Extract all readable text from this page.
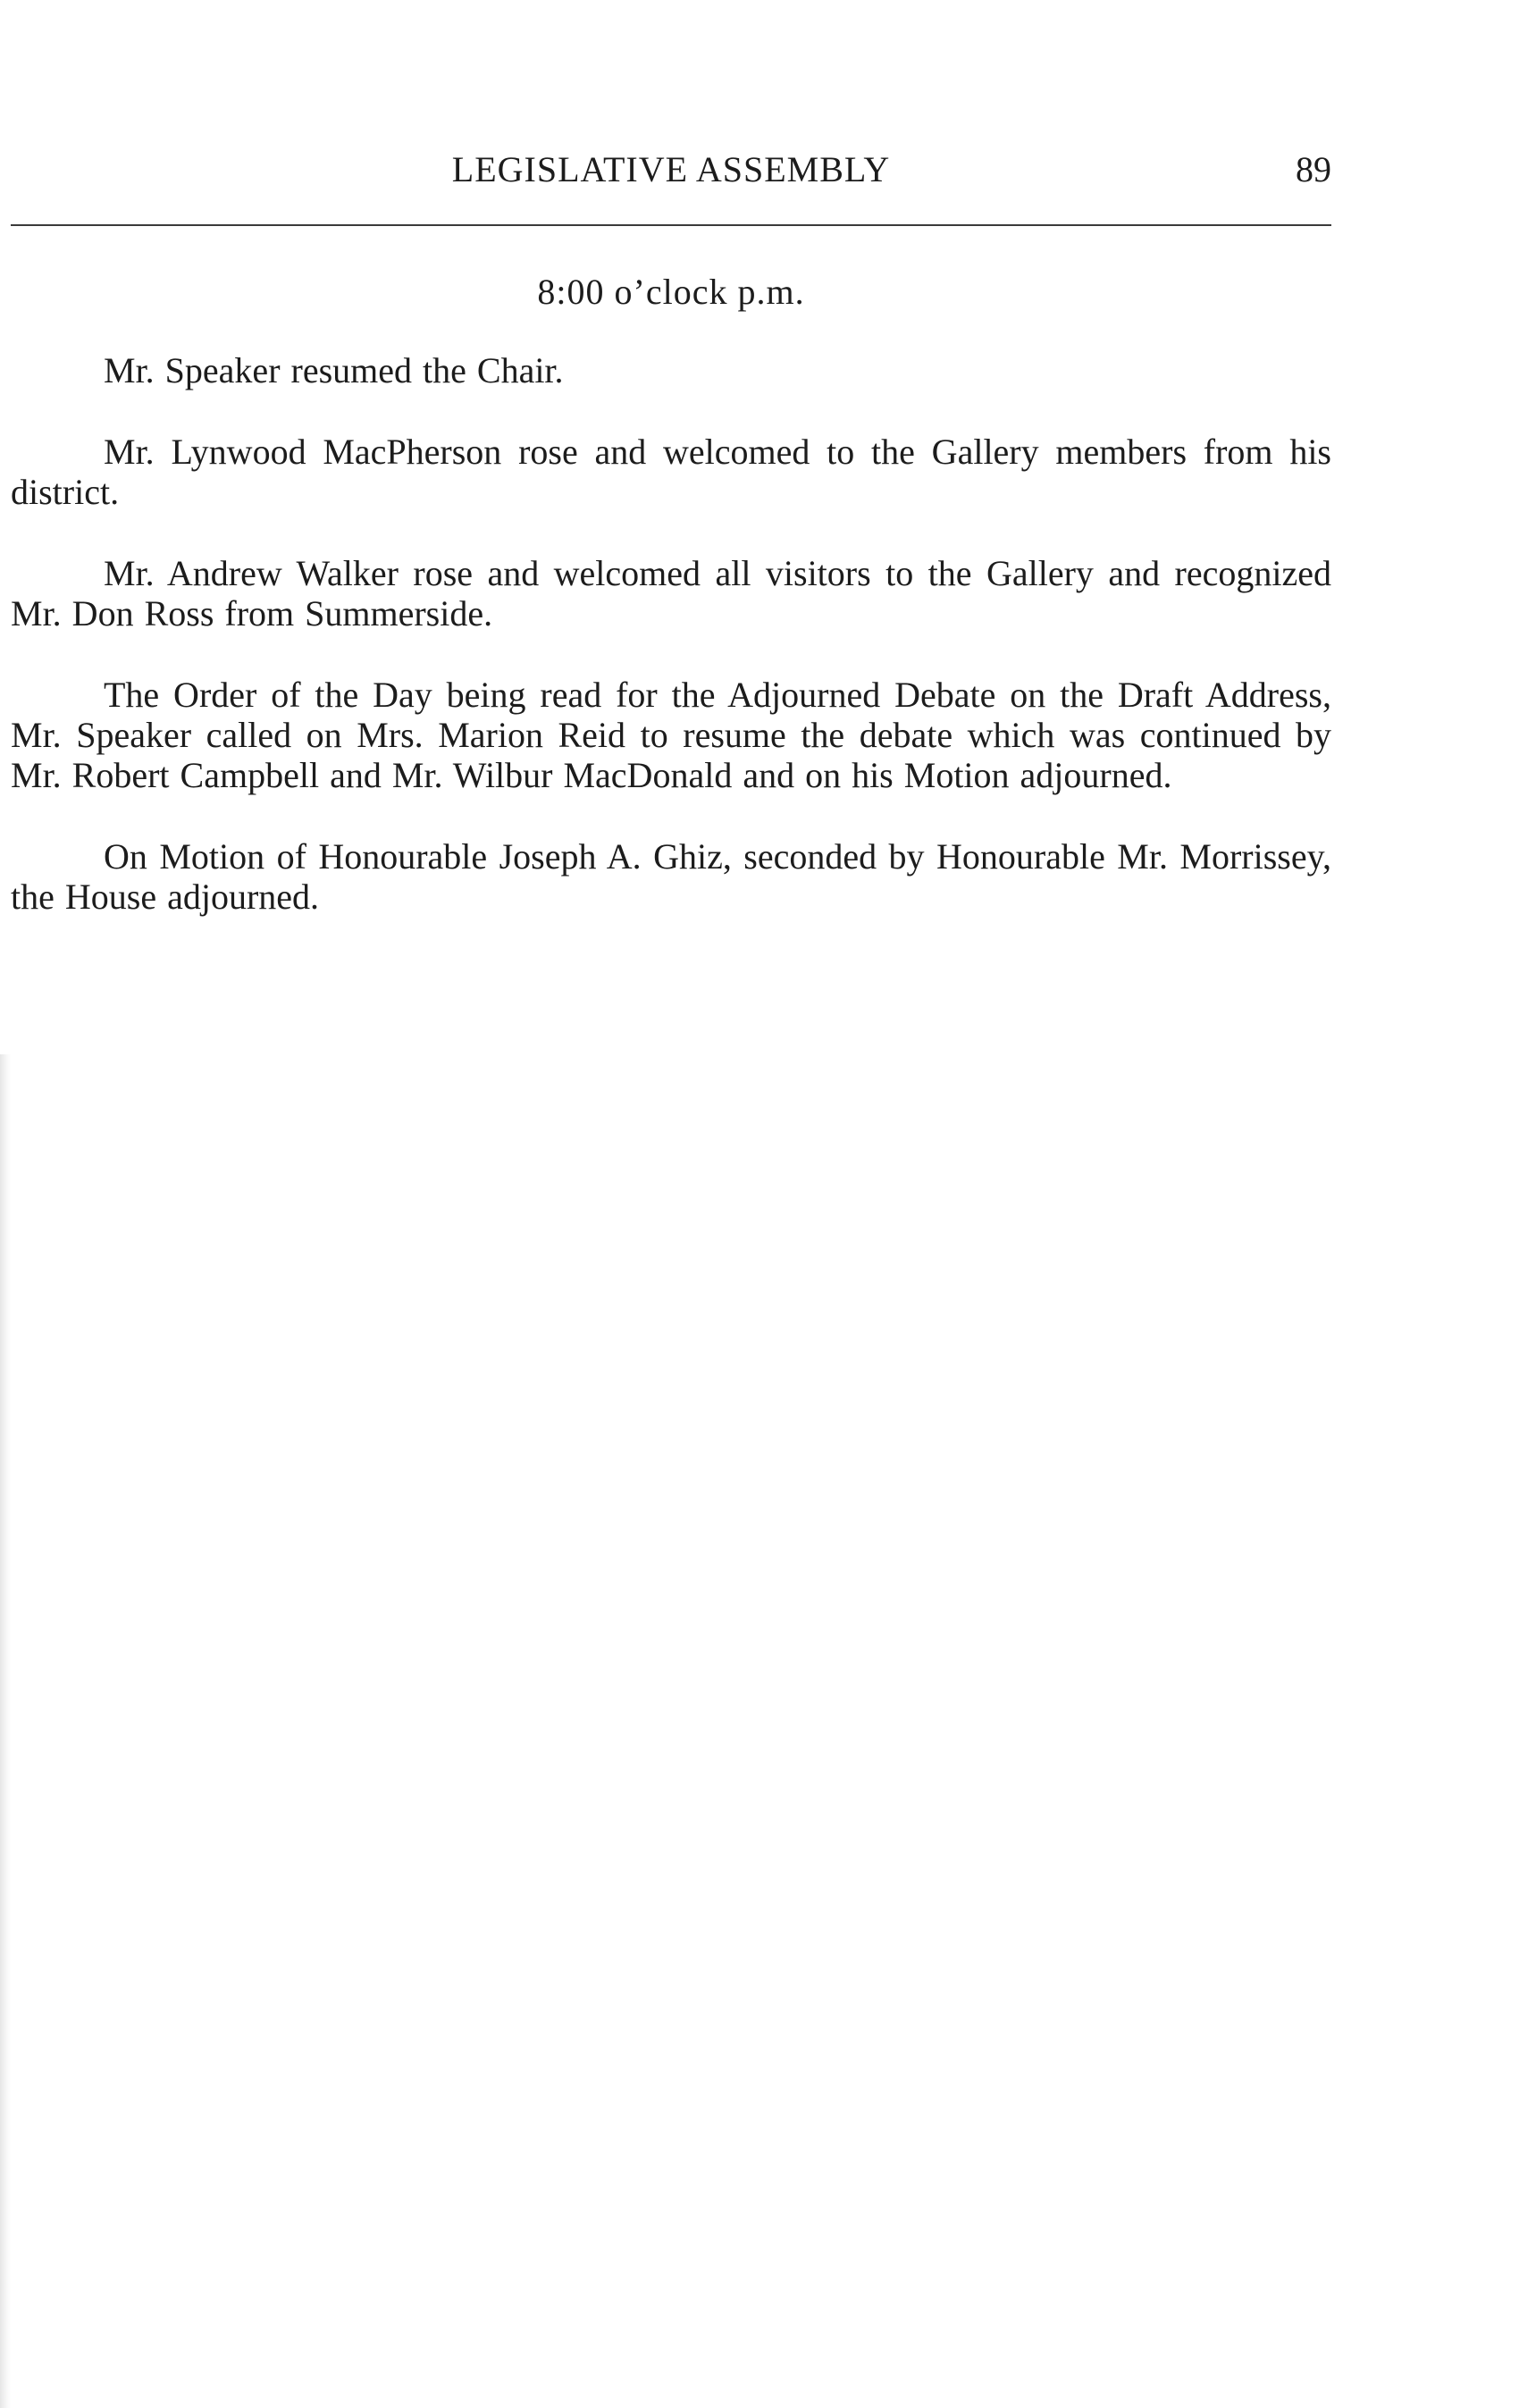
LEGISLATIVE ASSEMBLY	89

8:00 o’clock p.m.

Mr. Speaker resumed the Chair.

Mr. Lynwood MacPherson rose and welcomed to the Gallery members from his district.

Mr. Andrew Walker rose and welcomed all visitors to the Gallery and recognized Mr. Don Ross from Summerside.

The Order of the Day being read for the Adjourned Debate on the Draft Address, Mr. Speaker called on Mrs. Marion Reid to resume the debate which was continued by Mr. Robert Campbell and Mr. Wilbur MacDonald and on his Motion adjourned.

On Motion of Honourable Joseph A. Ghiz, seconded by Honourable Mr. Morrissey, the House adjourned.
